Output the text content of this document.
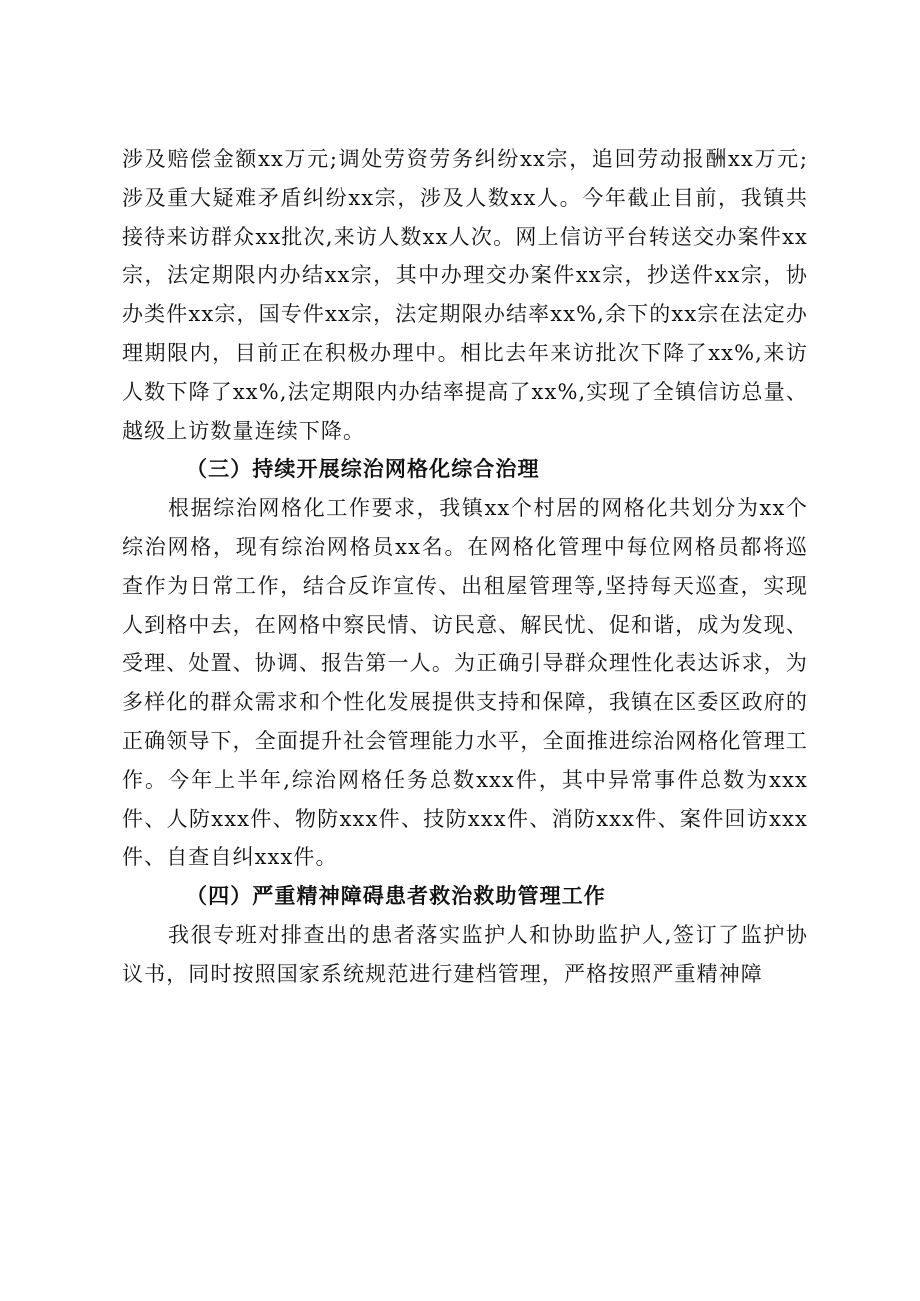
涉及赔偿金额xx万元;调处劳资劳务纠纷xx宗，追回劳动报酬xx万元;涉及重大疑难矛盾纠纷xx宗，涉及人数xx人。今年截止目前，我镇共接待来访群众xx批次,来访人数xx人次。网上信访平台转送交办案件xx宗，法定期限内办结xx宗，其中办理交办案件xx宗，抄送件xx宗，协办类件xx宗，国专件xx宗，法定期限办结率xx%,余下的xx宗在法定办理期限内，目前正在积极办理中。相比去年来访批次下降了xx%,来访人数下降了xx%,法定期限内办结率提高了xx%,实现了全镇信访总量、越级上访数量连续下降。

（三）持续开展综治网格化综合治理

根据综治网格化工作要求，我镇xx个村居的网格化共划分为xx个综治网格，现有综治网格员xx名。在网格化管理中每位网格员都将巡查作为日常工作，结合反诈宣传、出租屋管理等,坚持每天巡查，实现人到格中去，在网格中察民情、访民意、解民忧、促和谐，成为发现、受理、处置、协调、报告第一人。为正确引导群众理性化表达诉求，为多样化的群众需求和个性化发展提供支持和保障，我镇在区委区政府的正确领导下，全面提升社会管理能力水平，全面推进综治网格化管理工作。今年上半年,综治网格任务总数xxx件，其中异常事件总数为xxx件、人防xxx件、物防xxx件、技防xxx件、消防xxx件、案件回访xxx件、自查自纠xxx件。

（四）严重精神障碍患者救治救助管理工作

我很专班对排查出的患者落实监护人和协助监护人,签订了监护协议书，同时按照国家系统规范进行建档管理，严格按照严重精神障
